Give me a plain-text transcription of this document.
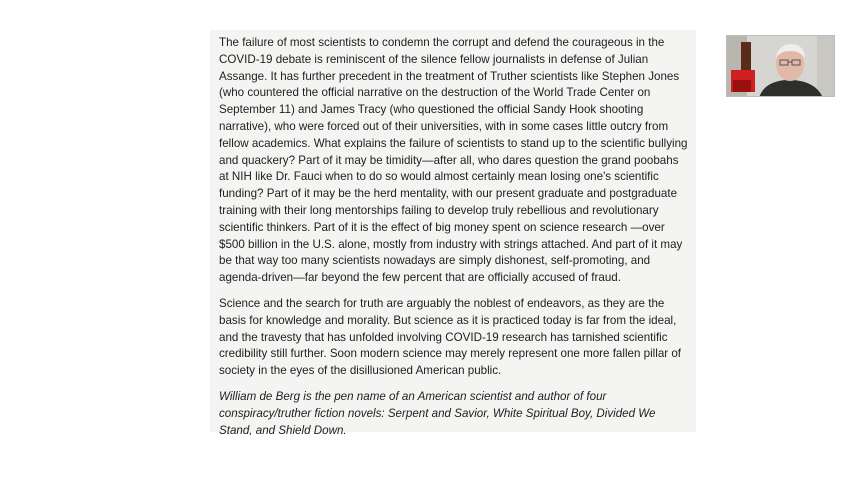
The failure of most scientists to condemn the corrupt and defend the courageous in the COVID-19 debate is reminiscent of the silence fellow journalists in defense of Julian Assange. It has further precedent in the treatment of Truther scientists like Stephen Jones (who countered the official narrative on the destruction of the World Trade Center on September 11) and James Tracy (who questioned the official Sandy Hook shooting narrative), who were forced out of their universities, with in some cases little outcry from fellow academics. What explains the failure of scientists to stand up to the scientific bullying and quackery? Part of it may be timidity—after all, who dares question the grand poobahs at NIH like Dr. Fauci when to do so would almost certainly mean losing one's scientific funding? Part of it may be the herd mentality, with our present graduate and postgraduate training with their long mentorships failing to develop truly rebellious and revolutionary scientific thinkers. Part of it is the effect of big money spent on science research —over $500 billion in the U.S. alone, mostly from industry with strings attached. And part of it may be that way too many scientists nowadays are simply dishonest, self-promoting, and agenda-driven—far beyond the few percent that are officially accused of fraud.

Science and the search for truth are arguably the noblest of endeavors, as they are the basis for knowledge and morality. But science as it is practiced today is far from the ideal, and the travesty that has unfolded involving COVID-19 research has tarnished scientific credibility still further. Soon modern science may merely represent one more fallen pillar of society in the eyes of the disillusioned American public.

William de Berg is the pen name of an American scientist and author of four conspiracy/truther fiction novels: Serpent and Savior, White Spiritual Boy, Divided We Stand, and Shield Down.
